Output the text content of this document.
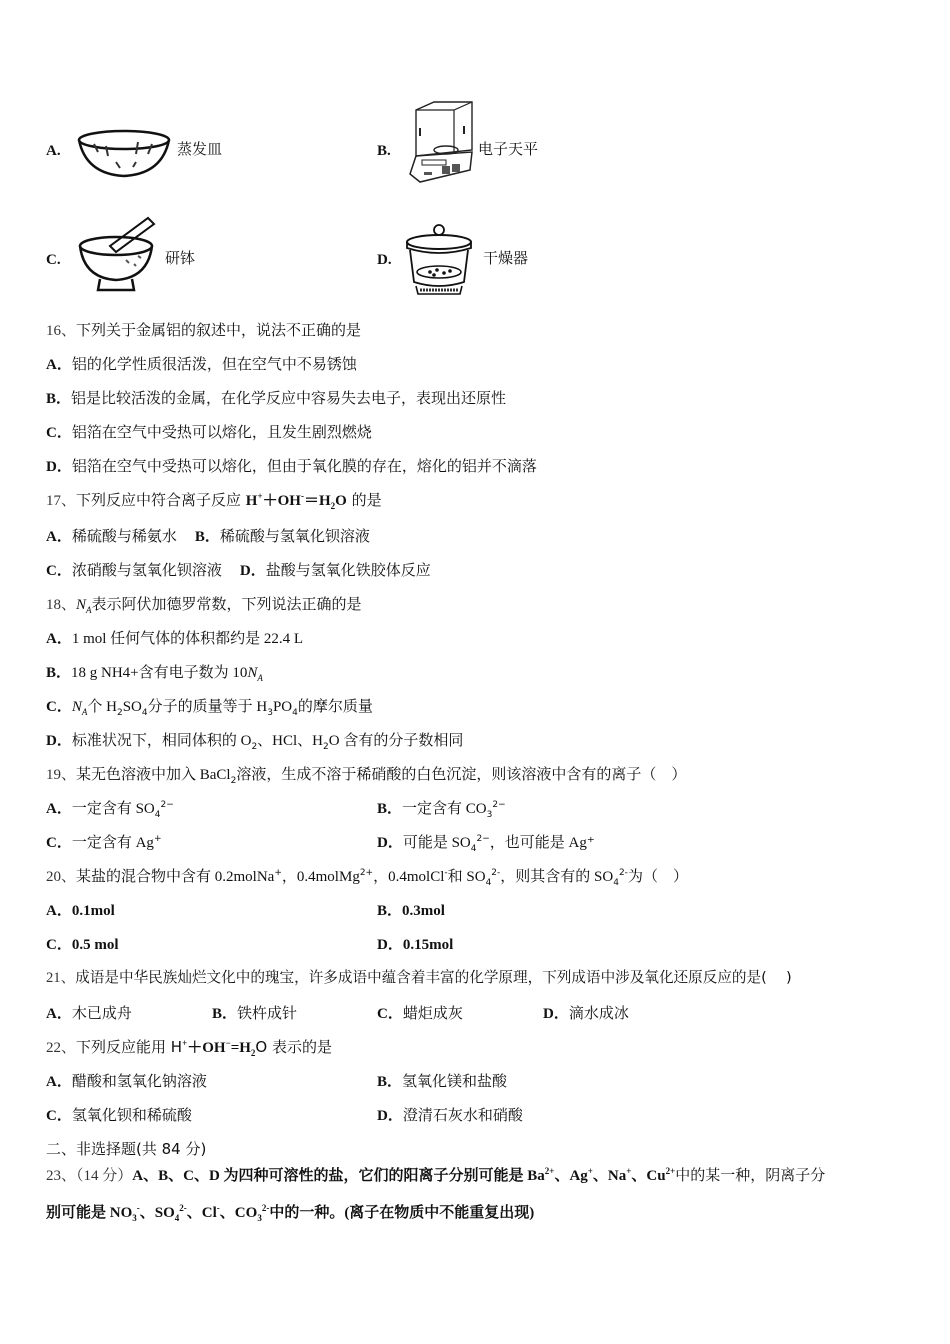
A.	蒸发皿	B.	电子天平
C.	研钵	D.	干燥器
16、下列关于金属铝的叙述中，说法不正确的是
A．铝的化学性质很活泼，但在空气中不易锈蚀
B．铝是比较活泼的金属，在化学反应中容易失去电子，表现出还原性
C．铝箔在空气中受热可以熔化，且发生剧烈燃烧
D．铝箔在空气中受热可以熔化，但由于氧化膜的存在，熔化的铝并不滴落
17、下列反应中符合离子反应 $H^++OH^-=H_2O$ 的是
A．稀硫酸与稀氨水 B．稀硫酸与氢氧化钡溶液
C．浓硝酸与氢氧化钡溶液 D．盐酸与氢氧化铁胶体反应
18、$N_A$表示阿伏加德罗常数，下列说法正确的是
A．1 mol 任何气体的体积都约是 22.4 L
B．18 g NH4+含有电子数为 $10N_A$
C．$N_A$个 $H_2SO_4$分子的质量等于 $H_3PO_4$的摩尔质量
D．标准状况下，相同体积的 $O_2$、HCl、$H_2O$ 含有的分子数相同
19、某无色溶液中加入 BaCl$_2$溶液，生成不溶于稀硝酸的白色沉淀，则该溶液中含有的离子（　）
A．一定含有 $SO_4^{2-}$	B．一定含有 $CO_3^{2-}$
C．一定含有 Ag+	D．可能是 $SO_4^{2-}$，也可能是 Ag⁺
20、某盐的混合物中含有 0.2molNa+，0.4molMg$^{2+}$，0.4molCl-和 $SO_4^{2-}$，则其含有的 $SO_4^{2-}$为（　）
A．0.1mol	B．0.3mol
C．0.5 mol	D．0.15mol
21、成语是中华民族灿烂文化中的瑰宝，许多成语中蕴含着丰富的化学原理，下列成语中涉及氧化还原反应的是(　 )
A．木已成舟	B．铁杵成针	C．蜡炬成灰	D．滴水成冰
22、下列反应能用 $H^++OH^-=H_2O$ 表示的是
A．醋酸和氢氧化钠溶液	B．氢氧化镁和盐酸
C．氢氧化钡和稀硫酸	D．澄清石灰水和硝酸
二、非选择题(共 84 分)
23、（14 分）A、B、C、D 为四种可溶性的盐，它们的阳离子分别可能是 $Ba^{2+}$、Ag+、Na+、$Cu^{2+}$中的某一种，阴离子分
别可能是 $NO_3^-$、$SO_4^{2-}$、Cl-、$CO_3^{2-}$中的一种。(离子在物质中不能重复出现)
